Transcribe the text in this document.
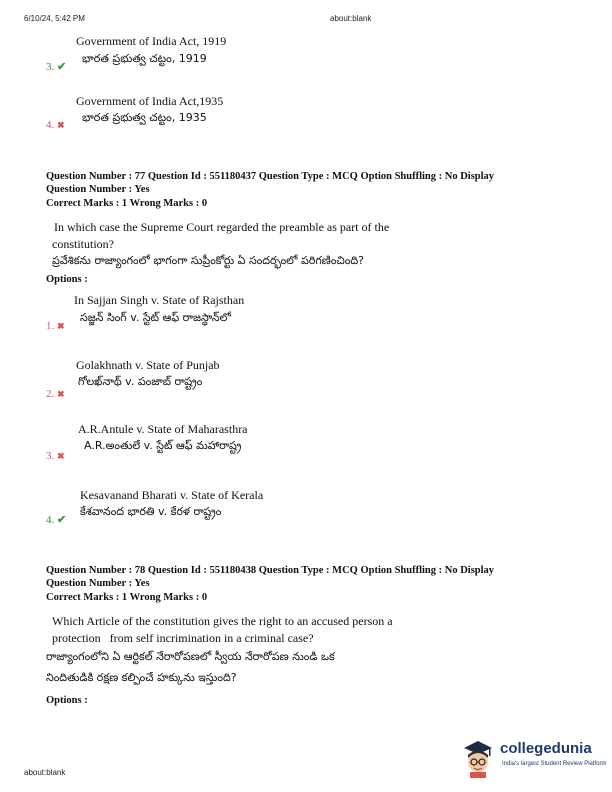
6/10/24, 5:42 PM	about:blank
Government of India Act, 1919
భారత ప్రభుత్వ చట్టం, 1919
3. ✔
Government of India Act,1935
భారత ప్రభుత్వ చట్టం, 1935
4. ✖
Question Number : 77 Question Id : 551180437 Question Type : MCQ Option Shuffling : No Display
Question Number : Yes
Correct Marks : 1 Wrong Marks : 0
In which case the Supreme Court regarded the preamble as part of the
constitution?
ప్రవేశికను రాజ్యాంగంలో భాగంగా సుప్రీంకోర్టు ఏ సందర్భంలో పరిగణించింది?
Options :
In Sajjan Singh v. State of Rajsthan
సజ్జన్ సింగ్ v. స్టేట్ ఆఫ్ రాజస్థాన్‌లో
1. ✖
Golakhnath v. State of Punjab
గోలఖ్‌నాథ్ v. పంజాబ్ రాష్ట్రం
2. ✖
A.R.Antule v. State of Maharasthra
A.R.అంతులే v. స్టేట్ ఆఫ్ మహారాష్ట్ర
3. ✖
Kesavanand Bharati v. State of Kerala
కేశవానంద భారతి v. కేరళ రాష్ట్రం
4. ✔
Question Number : 78 Question Id : 551180438 Question Type : MCQ Option Shuffling : No Display
Question Number : Yes
Correct Marks : 1 Wrong Marks : 0
Which Article of the constitution gives the right to an accused person a
protection   from self incrimination in a criminal case?
రాజ్యాంగంలోని ఏ ఆర్టికల్ నేరారోపణలో స్వీయ నేరారోపణ నుండి ఒక
నిందితుడికి రక్షణ కల్పించే హక్కును ఇస్తుంది?
Options :
about:blank
collegedunia
India's largest Student Review Platform
